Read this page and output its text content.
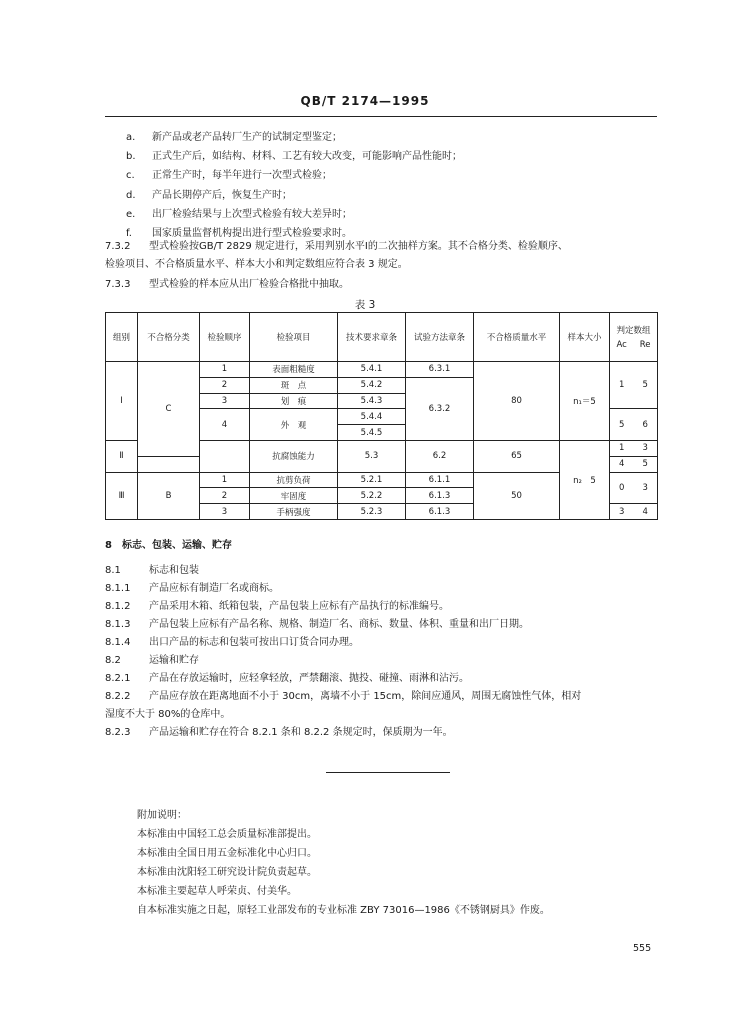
QB/T 2174—1995
a. 新产品或老产品转厂生产的试制定型鉴定；
b. 正式生产后，如结构、材料、工艺有较大改变，可能影响产品性能时；
c. 正常生产时，每半年进行一次型式检验；
d. 产品长期停产后，恢复生产时；
e. 出厂检验结果与上次型式检验有较大差异时；
f. 国家质量监督机构提出进行型式检验要求时。
7.3.2 型式检验按GB/T 2829 规定进行，采用判别水平Ⅰ的二次抽样方案。其不合格分类、检验顺序、
检验项目、不合格质量水平、样本大小和判定数组应符合表 3 规定。
7.3.3 型式检验的样本应从出厂检验合格批中抽取。
表 3
组别	不合格分类	检验顺序	检验项目	技术要求章条	试验方法章条	不合格质量水平	样本大小	判定数组
Ac Re

Ⅰ	C	1	表面粗糙度	5.4.1	6.3.1	80	n₁＝5	1 5

		2	斑　点	5.4.2	6.3.2			
		3	划　痕	5.4.3				
		4	外　观	5.4.4				5 6

				5.4.5				
Ⅱ			抗腐蚀能力	5.3	6.2	65	n₂　5	1 3

								4 5

Ⅲ	B	1	抗剪负荷	5.2.1	6.1.1	50		0 3

		2	牢固度	5.2.2	6.1.3			
		3	手柄强度	5.2.3	6.1.3			3 4
8　标志、包装、运输、贮存
8.1	标志和包装
8.1.1 产品应标有制造厂名或商标。
8.1.2 产品采用木箱、纸箱包装，产品包装上应标有产品执行的标准编号。
8.1.3 产品包装上应标有产品名称、规格、制造厂名、商标、数量、体积、重量和出厂日期。
8.1.4 出口产品的标志和包装可按出口订货合同办理。
8.2	运输和贮存
8.2.1 产品在存放运输时，应轻拿轻放，严禁翻滚、抛投、碰撞、雨淋和沾污。
8.2.2 产品应存放在距离地面不小于 30cm，离墙不小于 15cm，除间应通风，周围无腐蚀性气体，相对
湿度不大于 80%的仓库中。
8.2.3 产品运输和贮存在符合 8.2.1 条和 8.2.2 条规定时，保质期为一年。
附加说明：
本标准由中国轻工总会质量标准部提出。
本标准由全国日用五金标准化中心归口。
本标准由沈阳轻工研究设计院负责起草。
本标准主要起草人呼荣贞、付美华。
自本标准实施之日起，原轻工业部发布的专业标准 ZBY 73016—1986《不锈钢厨具》作废。
555
